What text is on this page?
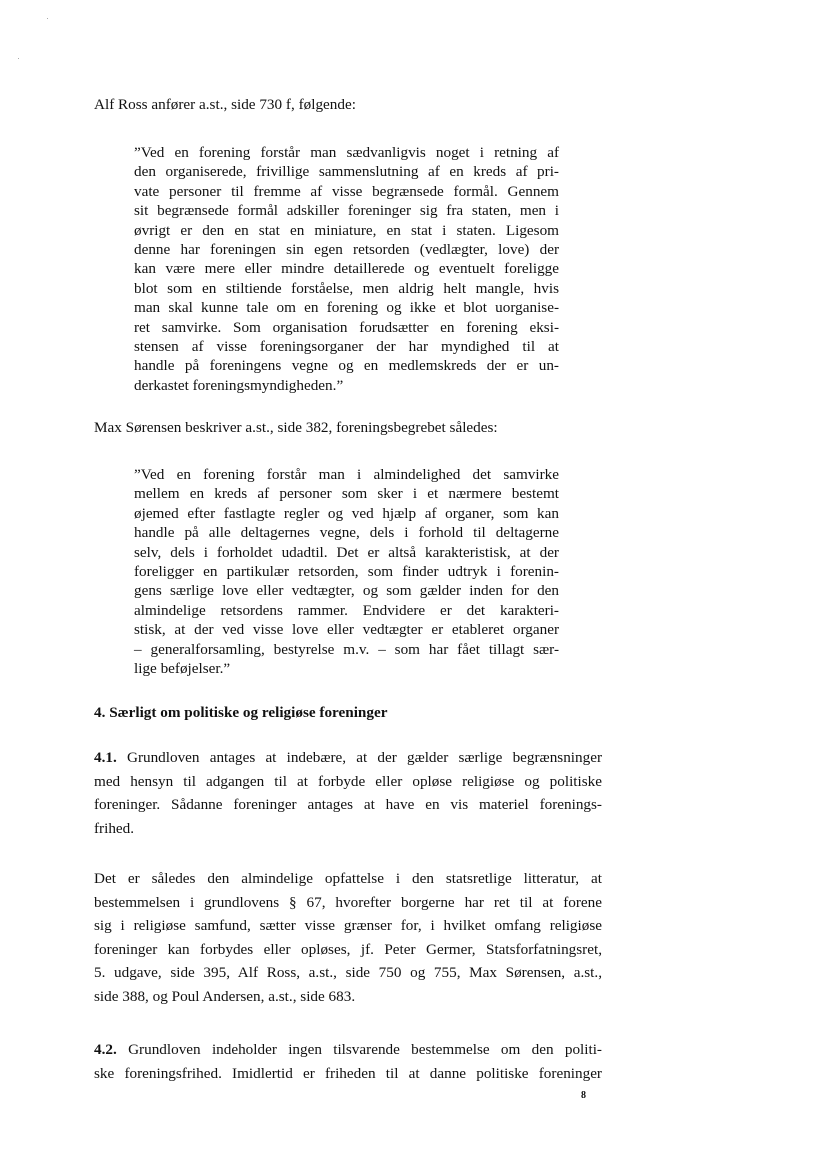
Alf Ross anfører a.st., side 730 f, følgende:
”Ved en forening forstår man sædvanligvis noget i retning af
den organiserede, frivillige sammenslutning af en kreds af pri-
vate personer til fremme af visse begrænsede formål. Gennem
sit begrænsede formål adskiller foreninger sig fra staten, men i
øvrigt er den en stat en miniature, en stat i staten. Ligesom
denne har foreningen sin egen retsorden (vedlægter, love) der
kan være mere eller mindre detaillerede og eventuelt foreligge
blot som en stiltiende forståelse, men aldrig helt mangle, hvis
man skal kunne tale om en forening og ikke et blot uorganise-
ret samvirke. Som organisation forudsætter en forening eksi-
stensen af visse foreningsorganer der har myndighed til at
handle på foreningens vegne og en medlemskreds der er un-
derkastet foreningsmyndigheden.”
Max Sørensen beskriver a.st., side 382, foreningsbegrebet således:
”Ved en forening forstår man i almindelighed det samvirke
mellem en kreds af personer som sker i et nærmere bestemt
øjemed efter fastlagte regler og ved hjælp af organer, som kan
handle på alle deltagernes vegne, dels i forhold til deltagerne
selv, dels i forholdet udadtil. Det er altså karakteristisk, at der
foreligger en partikulær retsorden, som finder udtryk i forenin-
gens særlige love eller vedtægter, og som gælder inden for den
almindelige retsordens rammer. Endvidere er det karakteri-
stisk, at der ved visse love eller vedtægter er etableret organer
– generalforsamling, bestyrelse m.v. – som har fået tillagt sær-
lige beføjelser.”
4. Særligt om politiske og religiøse foreninger
4.1. Grundloven antages at indebære, at der gælder særlige begrænsninger
med hensyn til adgangen til at forbyde eller opløse religiøse og politiske
foreninger. Sådanne foreninger antages at have en vis materiel forenings-
frihed.
Det er således den almindelige opfattelse i den statsretlige litteratur, at
bestemmelsen i grundlovens § 67, hvorefter borgerne har ret til at forene
sig i religiøse samfund, sætter visse grænser for, i hvilket omfang religiøse
foreninger kan forbydes eller opløses, jf. Peter Germer, Statsforfatningsret,
5. udgave, side 395, Alf Ross, a.st., side 750 og 755, Max Sørensen, a.st.,
side 388, og Poul Andersen, a.st., side 683.
4.2. Grundloven indeholder ingen tilsvarende bestemmelse om den politi-
ske foreningsfrihed. Imidlertid er friheden til at danne politiske foreninger
8
